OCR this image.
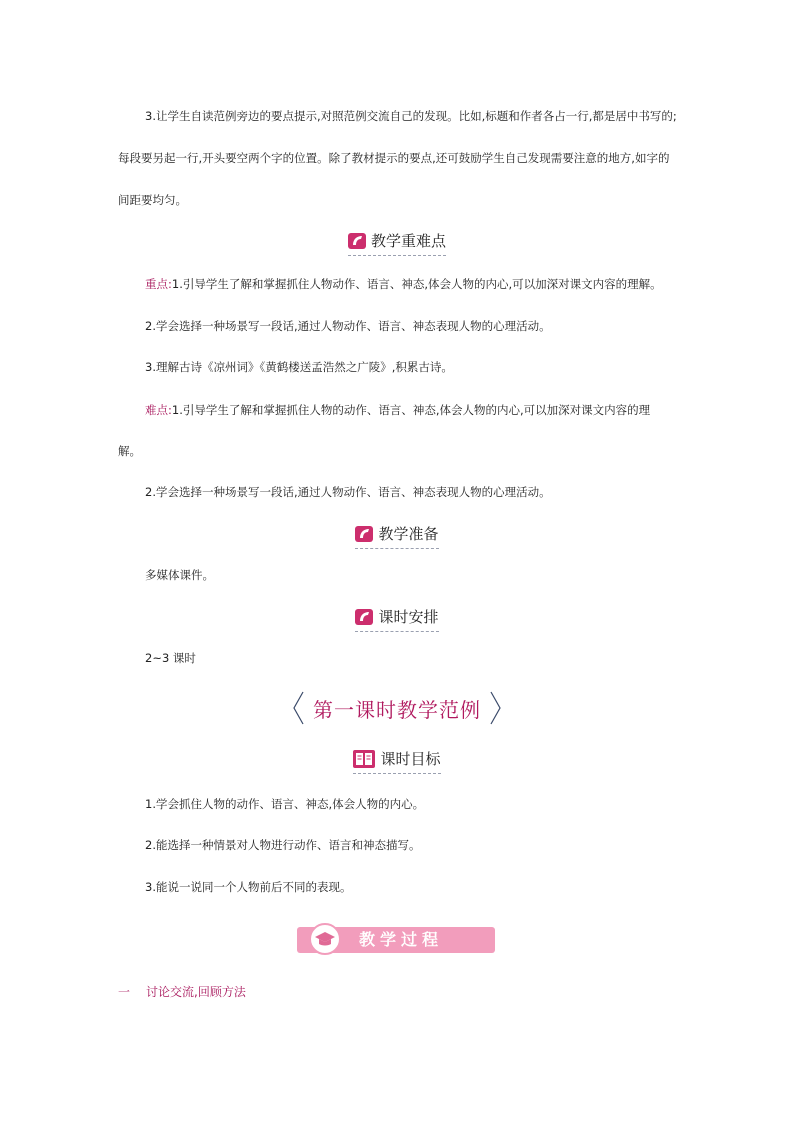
3.让学生自读范例旁边的要点提示,对照范例交流自己的发现。比如,标题和作者各占一行,都是居中书写的;每段要另起一行,开头要空两个字的位置。除了教材提示的要点,还可鼓励学生自己发现需要注意的地方,如字的间距要均匀。

教学重难点
重点:1.引导学生了解和掌握抓住人物动作、语言、神态,体会人物的内心,可以加深对课文内容的理解。
2.学会选择一种场景写一段话,通过人物动作、语言、神态表现人物的心理活动。
3.理解古诗《凉州词》《黄鹤楼送孟浩然之广陵》,积累古诗。
难点:1.引导学生了解和掌握抓住人物的动作、语言、神态,体会人物的内心,可以加深对课文内容的理
解。
2.学会选择一种场景写一段话,通过人物动作、语言、神态表现人物的心理活动。
教学准备
多媒体课件。
课时安排
2~3 课时
第一课时教学范例
课时目标
1.学会抓住人物的动作、语言、神态,体会人物的内心。
2.能选择一种情景对人物进行动作、语言和神态描写。
3.能说一说同一个人物前后不同的表现。
教学过程
一 讨论交流,回顾方法
